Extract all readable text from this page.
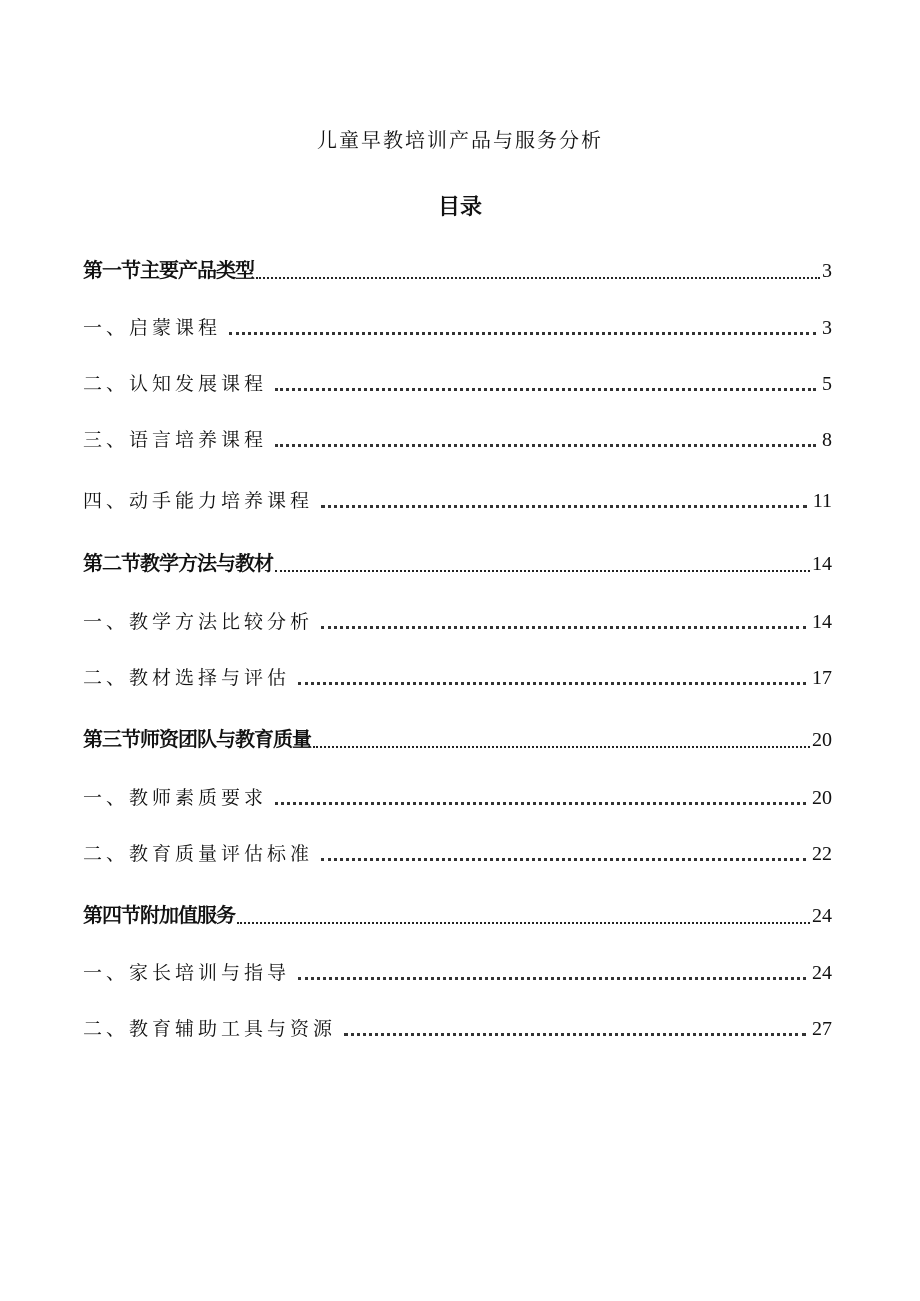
儿童早教培训产品与服务分析
目录
第一节主要产品类型	3
一、启蒙课程	3
二、认知发展课程	5
三、语言培养课程	8
四、动手能力培养课程	11
第二节教学方法与教材	14
一、教学方法比较分析	14
二、教材选择与评估	17
第三节师资团队与教育质量	20
一、教师素质要求	20
二、教育质量评估标准	22
第四节附加值服务	24
一、家长培训与指导	24
二、教育辅助工具与资源	27
